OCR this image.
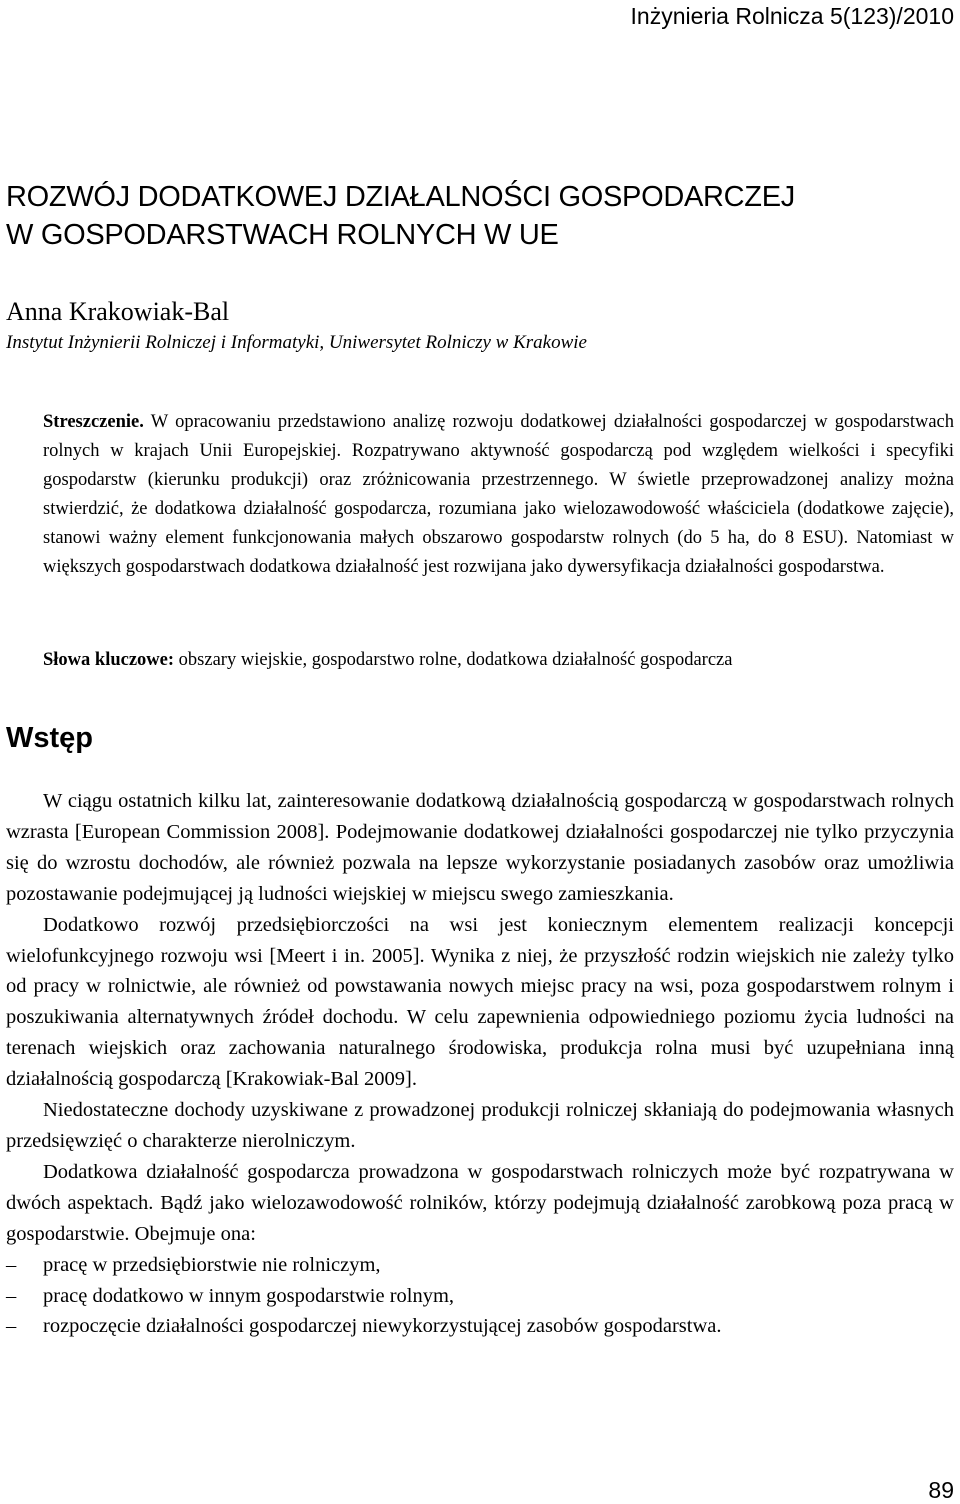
Inżynieria Rolnicza 5(123)/2010
ROZWÓJ DODATKOWEJ DZIAŁALNOŚCI GOSPODARCZEJ
W GOSPODARSTWACH ROLNYCH W UE
Anna Krakowiak-Bal
Instytut Inżynierii Rolniczej i Informatyki, Uniwersytet Rolniczy w Krakowie

Streszczenie. W opracowaniu przedstawiono analizę rozwoju dodatkowej działalności gospodarczej w gospodarstwach rolnych w krajach Unii Europejskiej. Rozpatrywano aktywność gospodarczą pod względem wielkości i specyfiki gospodarstw (kierunku produkcji) oraz zróżnicowania przestrzennego. W świetle przeprowadzonej analizy można stwierdzić, że dodatkowa działalność gospodarcza, rozumiana jako wielozawodowość właściciela (dodatkowe zajęcie), stanowi ważny element funkcjonowania małych obszarowo gospodarstw rolnych (do 5 ha, do 8 ESU). Natomiast w większych gospodarstwach dodatkowa działalność jest rozwijana jako dywersyfikacja działalności gospodarstwa.

Słowa kluczowe: obszary wiejskie, gospodarstwo rolne, dodatkowa działalność gospodarcza

Wstęp

W ciągu ostatnich kilku lat, zainteresowanie dodatkową działalnością gospodarczą w gospodarstwach rolnych wzrasta [European Commission 2008]. Podejmowanie dodatkowej działalności gospodarczej nie tylko przyczynia się do wzrostu dochodów, ale również pozwala na lepsze wykorzystanie posiadanych zasobów oraz umożliwia pozostawanie podejmującej ją ludności wiejskiej w miejscu swego zamieszkania.

Dodatkowo rozwój przedsiębiorczości na wsi jest koniecznym elementem realizacji koncepcji wielofunkcyjnego rozwoju wsi [Meert i in. 2005]. Wynika z niej, że przyszłość rodzin wiejskich nie zależy tylko od pracy w rolnictwie, ale również od powstawania nowych miejsc pracy na wsi, poza gospodarstwem rolnym i poszukiwania alternatywnych źródeł dochodu. W celu zapewnienia odpowiedniego poziomu życia ludności na terenach wiejskich oraz zachowania naturalnego środowiska, produkcja rolna musi być uzupełniana inną działalnością gospodarczą [Krakowiak-Bal 2009].

Niedostateczne dochody uzyskiwane z prowadzonej produkcji rolniczej skłaniają do podejmowania własnych przedsięwzięć o charakterze nierolniczym.

Dodatkowa działalność gospodarcza prowadzona w gospodarstwach rolniczych może być rozpatrywana w dwóch aspektach. Bądź jako wielozawodowość rolników, którzy podejmują działalność zarobkową poza pracą w gospodarstwie. Obejmuje ona:

– pracę w przedsiębiorstwie nie rolniczym,
– pracę dodatkowo w innym gospodarstwie rolnym,
– rozpoczęcie działalności gospodarczej niewykorzystującej zasobów gospodarstwa.
89
